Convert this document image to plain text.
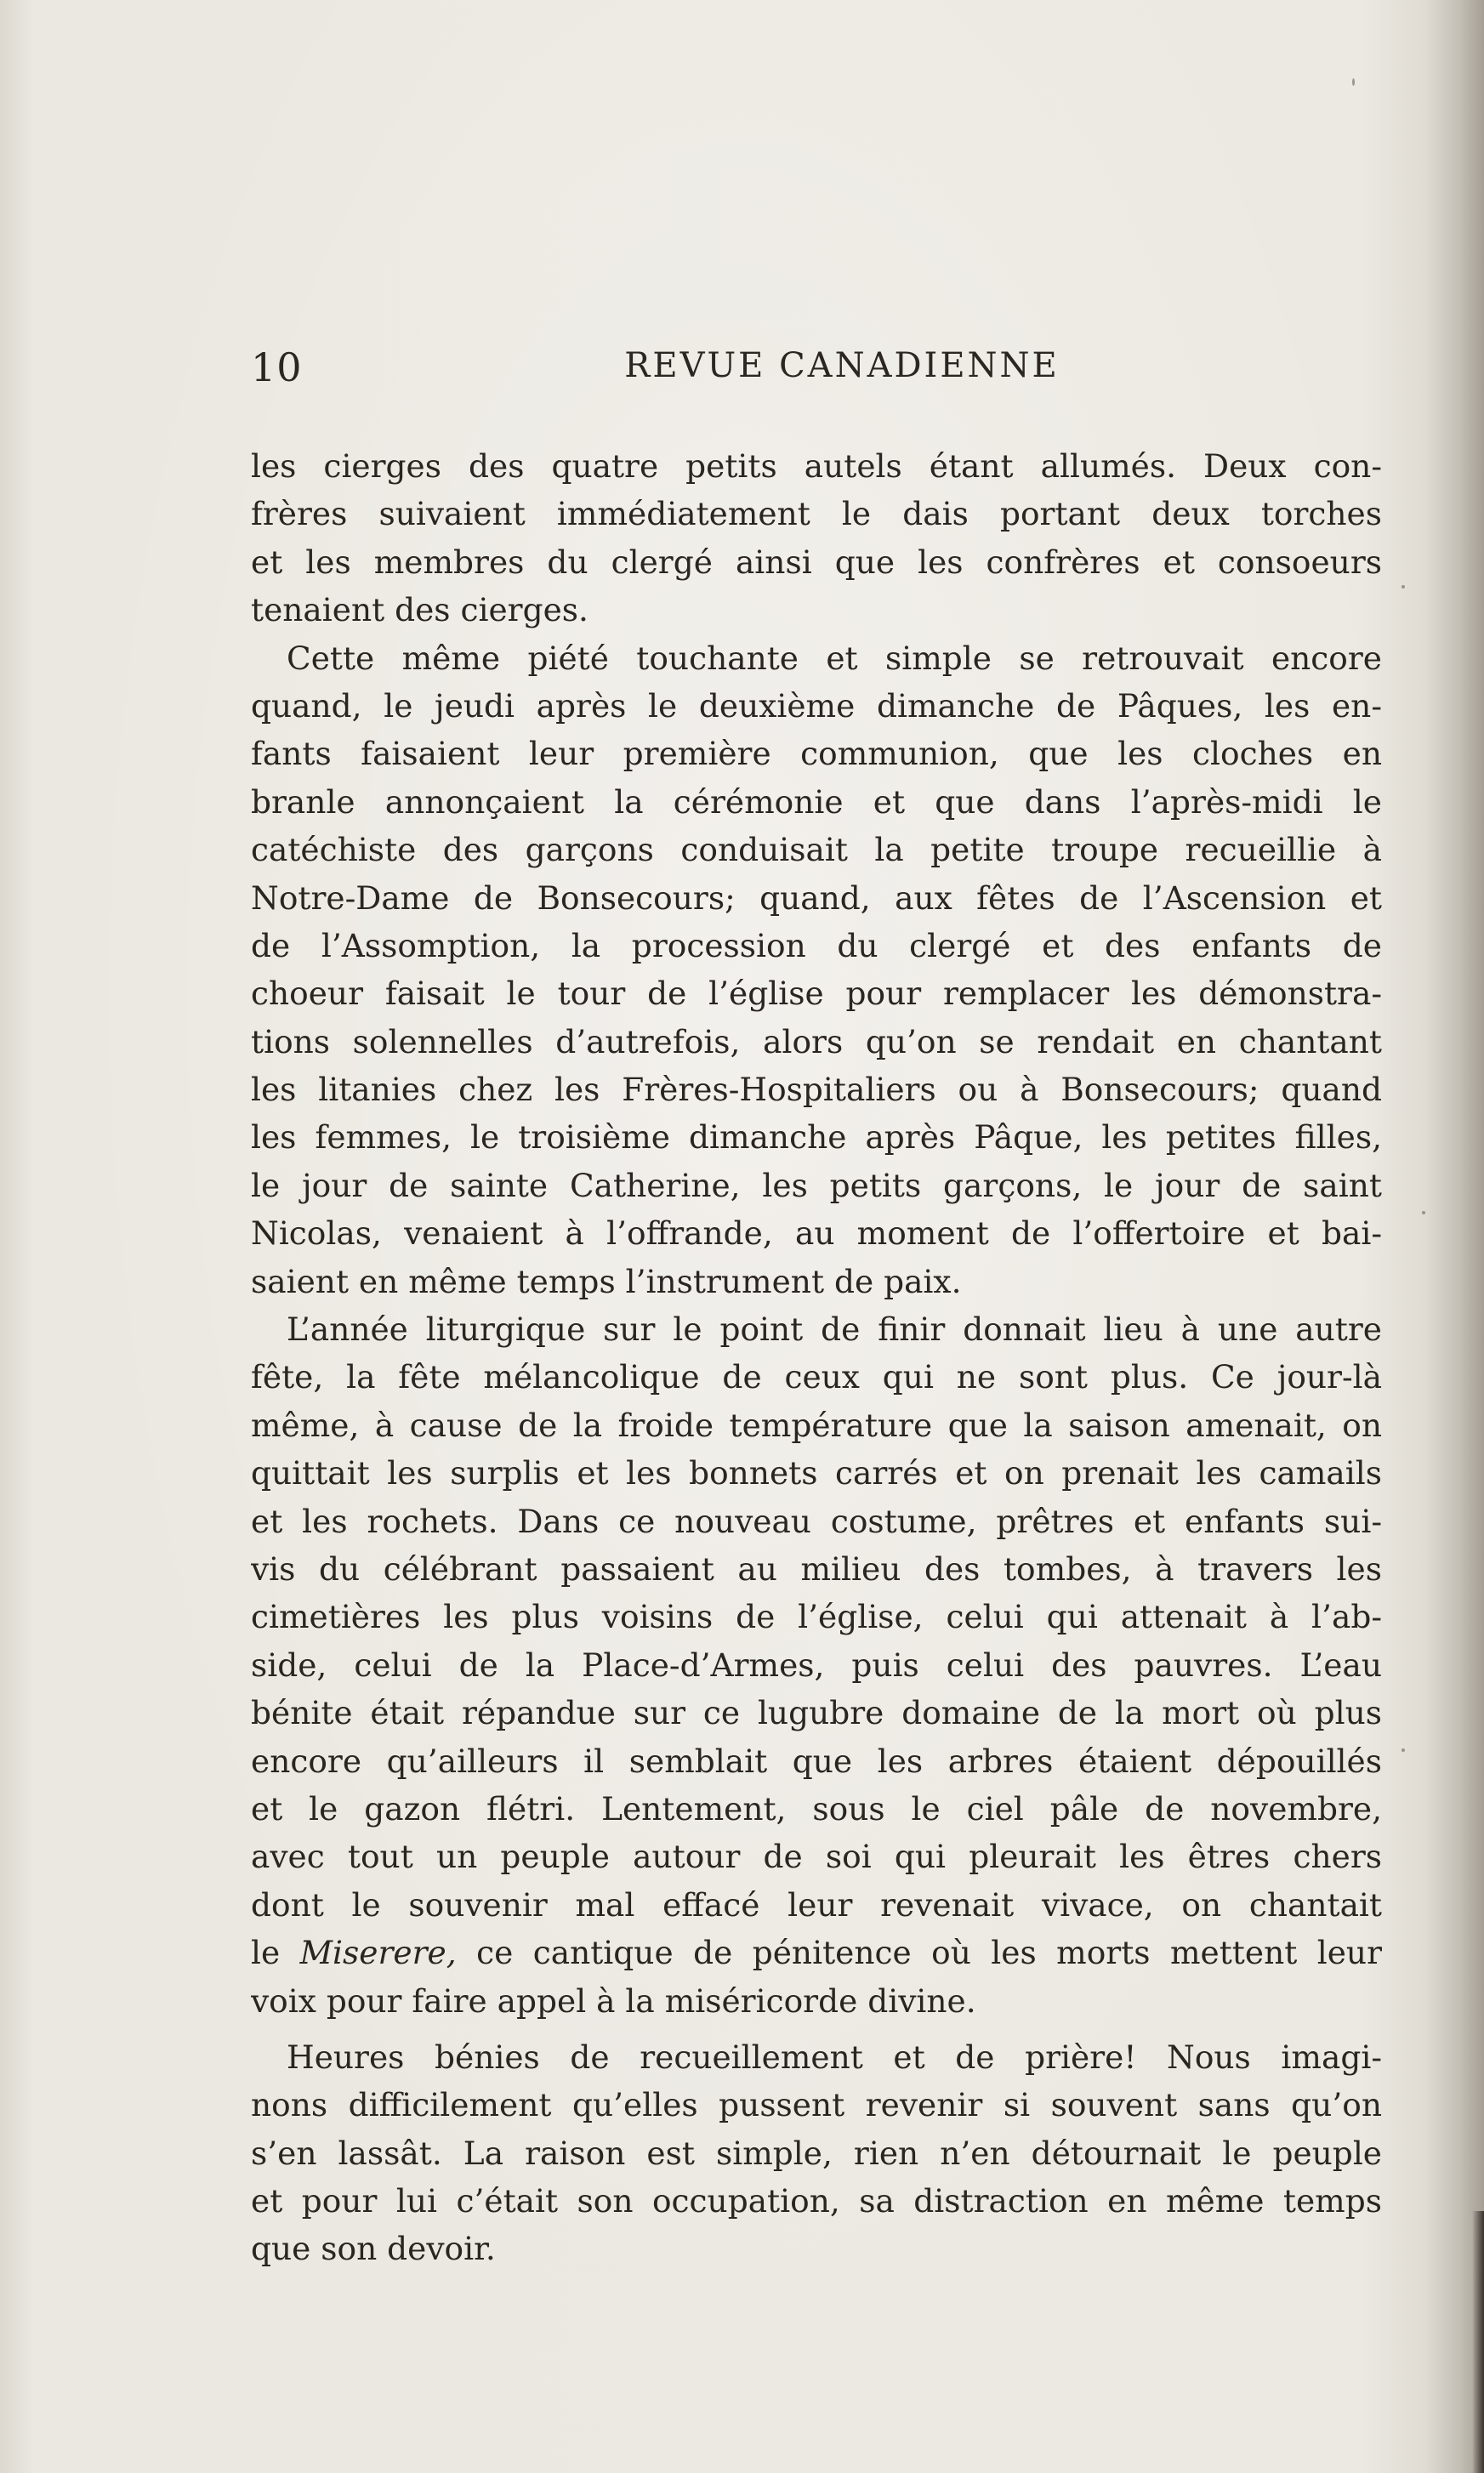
10	REVUE CANADIENNE
les cierges des quatre petits autels étant allumés. Deux con-
frères suivaient immédiatement le dais portant deux torches
et les membres du clergé ainsi que les confrères et consoeurs
tenaient des cierges.
Cette même piété touchante et simple se retrouvait encore
quand, le jeudi après le deuxième dimanche de Pâques, les en-
fants faisaient leur première communion, que les cloches en
branle annonçaient la cérémonie et que dans l’après-midi le
catéchiste des garçons conduisait la petite troupe recueillie à
Notre-Dame de Bonsecours; quand, aux fêtes de l’Ascension et
de l’Assomption, la procession du clergé et des enfants de
choeur faisait le tour de l’église pour remplacer les démonstra-
tions solennelles d’autrefois, alors qu’on se rendait en chantant
les litanies chez les Frères-Hospitaliers ou à Bonsecours; quand
les femmes, le troisième dimanche après Pâque, les petites filles,
le jour de sainte Catherine, les petits garçons, le jour de saint
Nicolas, venaient à l’offrande, au moment de l’offertoire et bai-
saient en même temps l’instrument de paix.
L’année liturgique sur le point de finir donnait lieu à une autre
fête, la fête mélancolique de ceux qui ne sont plus. Ce jour-là
même, à cause de la froide température que la saison amenait, on
quittait les surplis et les bonnets carrés et on prenait les camails
et les rochets. Dans ce nouveau costume, prêtres et enfants sui-
vis du célébrant passaient au milieu des tombes, à travers les
cimetières les plus voisins de l’église, celui qui attenait à l’ab-
side, celui de la Place-d’Armes, puis celui des pauvres. L’eau
bénite était répandue sur ce lugubre domaine de la mort où plus
encore qu’ailleurs il semblait que les arbres étaient dépouillés
et le gazon flétri. Lentement, sous le ciel pâle de novembre,
avec tout un peuple autour de soi qui pleurait les êtres chers
dont le souvenir mal effacé leur revenait vivace, on chantait
le Miserere, ce cantique de pénitence où les morts mettent leur
voix pour faire appel à la miséricorde divine.
Heures bénies de recueillement et de prière! Nous imagi-
nons difficilement qu’elles pussent revenir si souvent sans qu’on
s’en lassât. La raison est simple, rien n’en détournait le peuple
et pour lui c’était son occupation, sa distraction en même temps
que son devoir.
